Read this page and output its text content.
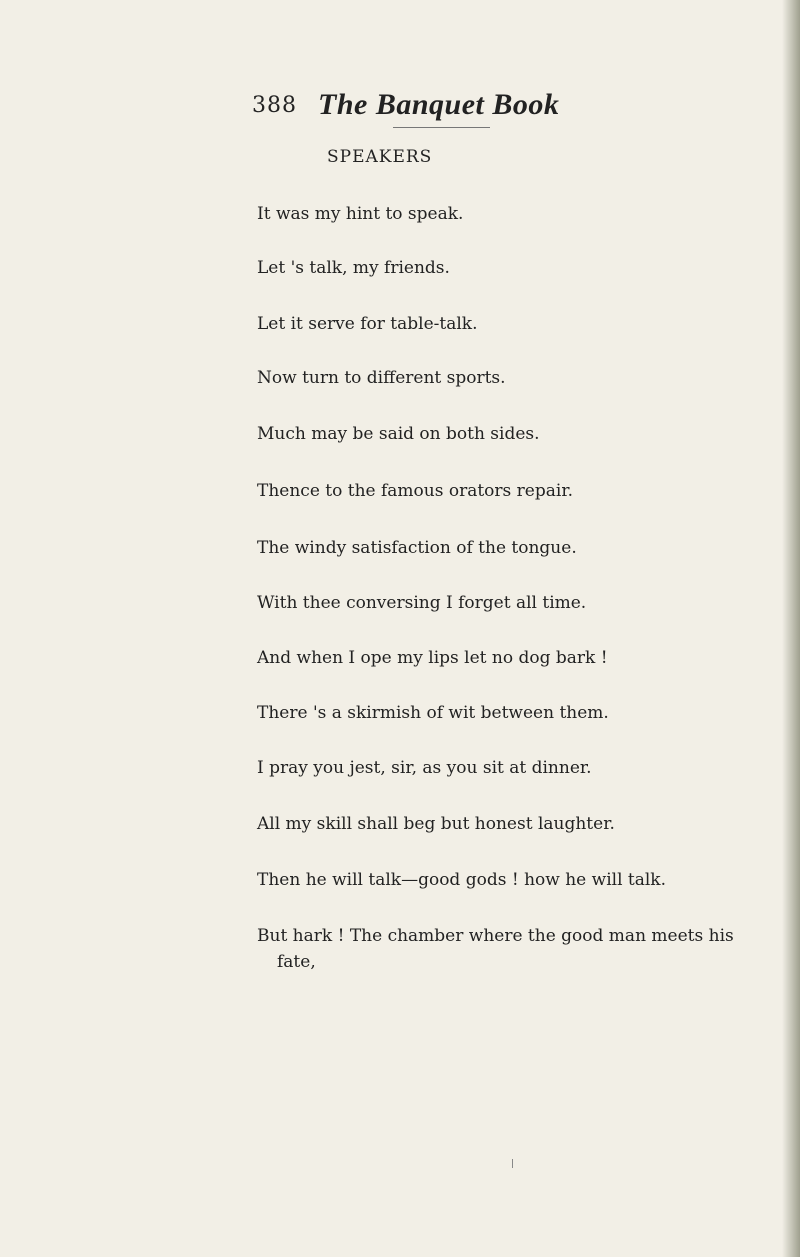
388 The Banquet Book
SPEAKERS
It was my hint to speak.

Let 's talk, my friends.
Let it serve for table-talk.

Now turn to different sports.

Much may be said on both sides.
Thence to the famous orators repair.

The windy satisfaction of the tongue.

With thee conversing I forget all time.

And when I ope my lips let no dog bark !

There 's a skirmish of wit between them.

I pray you jest, sir, as you sit at dinner.

All my skill shall beg but honest laughter.
Then he will talk—good gods ! how he will talk.
But hark ! The chamber where the good man meets his
fate,
